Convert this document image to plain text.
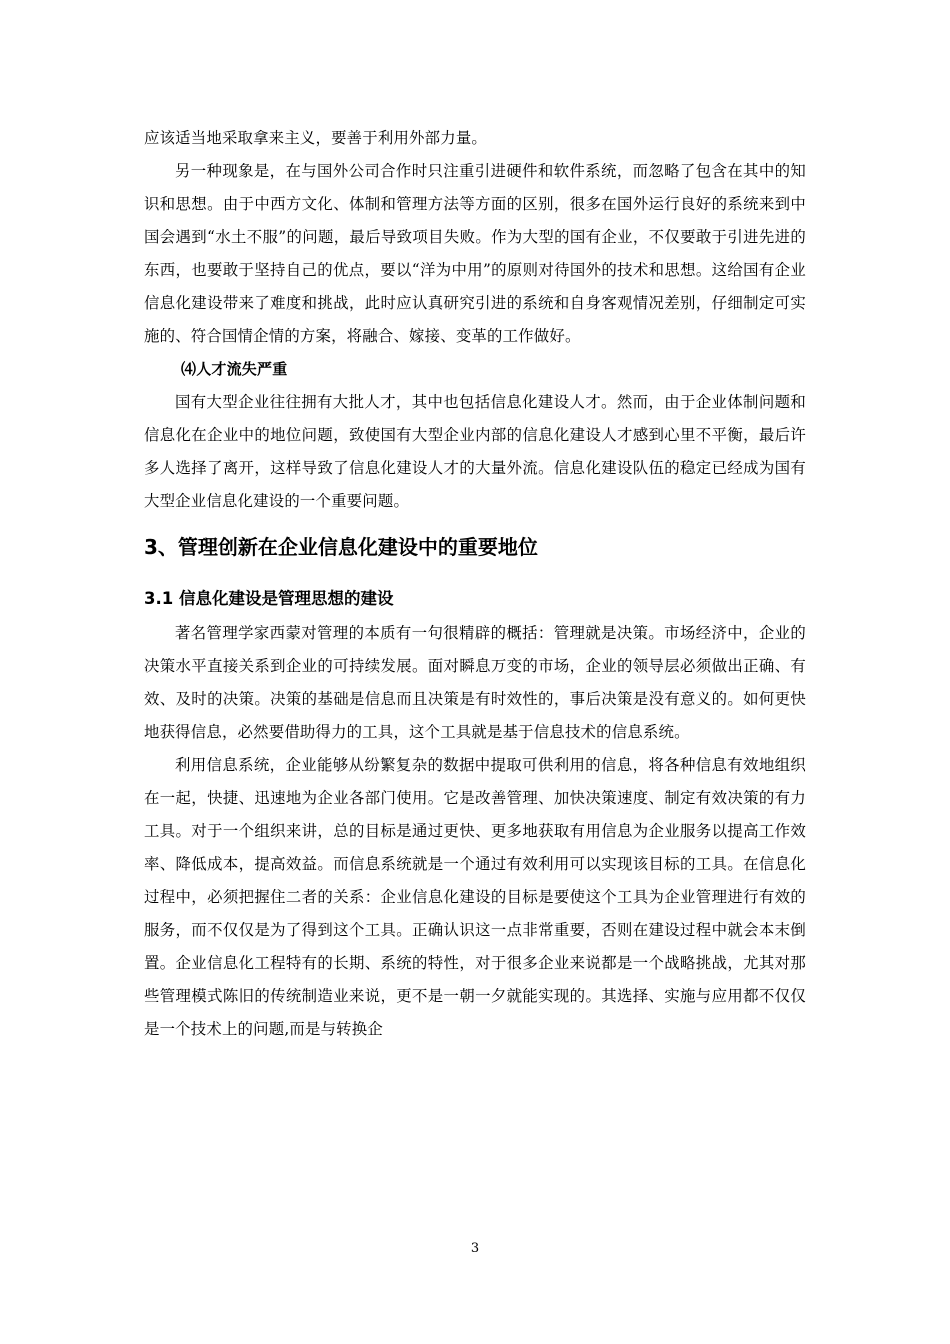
应该适当地采取拿来主义，要善于利用外部力量。

另一种现象是，在与国外公司合作时只注重引进硬件和软件系统，而忽略了包含在其中的知识和思想。由于中西方文化、体制和管理方法等方面的区别，很多在国外运行良好的系统来到中国会遇到“水土不服”的问题，最后导致项目失败。作为大型的国有企业，不仅要敢于引进先进的东西，也要敢于坚持自己的优点，要以“洋为中用”的原则对待国外的技术和思想。这给国有企业信息化建设带来了难度和挑战，此时应认真研究引进的系统和自身客观情况差别，仔细制定可实施的、符合国情企情的方案，将融合、嫁接、变革的工作做好。

⑷人才流失严重

国有大型企业往往拥有大批人才，其中也包括信息化建设人才。然而，由于企业体制问题和信息化在企业中的地位问题，致使国有大型企业内部的信息化建设人才感到心里不平衡，最后许多人选择了离开，这样导致了信息化建设人才的大量外流。信息化建设队伍的稳定已经成为国有大型企业信息化建设的一个重要问题。

3、管理创新在企业信息化建设中的重要地位
3.1 信息化建设是管理思想的建设

著名管理学家西蒙对管理的本质有一句很精辟的概括：管理就是决策。市场经济中，企业的决策水平直接关系到企业的可持续发展。面对瞬息万变的市场，企业的领导层必须做出正确、有效、及时的决策。决策的基础是信息而且决策是有时效性的，事后决策是没有意义的。如何更快地获得信息，必然要借助得力的工具，这个工具就是基于信息技术的信息系统。

利用信息系统，企业能够从纷繁复杂的数据中提取可供利用的信息，将各种信息有效地组织在一起，快捷、迅速地为企业各部门使用。它是改善管理、加快决策速度、制定有效决策的有力工具。对于一个组织来讲，总的目标是通过更快、更多地获取有用信息为企业服务以提高工作效率、降低成本，提高效益。而信息系统就是一个通过有效利用可以实现该目标的工具。在信息化过程中，必须把握住二者的关系：企业信息化建设的目标是要使这个工具为企业管理进行有效的服务，而不仅仅是为了得到这个工具。正确认识这一点非常重要，否则在建设过程中就会本末倒置。企业信息化工程特有的长期、系统的特性，对于很多企业来说都是一个战略挑战，尤其对那些管理模式陈旧的传统制造业来说，更不是一朝一夕就能实现的。其选择、实施与应用都不仅仅是一个技术上的问题,而是与转换企

3
